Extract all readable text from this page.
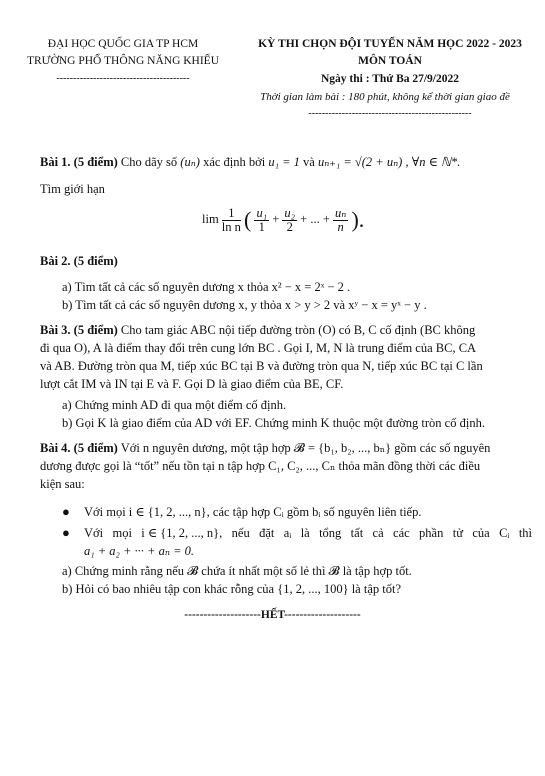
ĐẠI HỌC QUỐC GIA TP HCM
TRƯỜNG PHỔ THÔNG NĂNG KHIẾU
----------------------------------------
KỲ THI CHỌN ĐỘI TUYỂN NĂM HỌC 2022 - 2023
MÔN TOÁN
Ngày thi : Thứ Ba 27/9/2022
Thời gian làm bài : 180 phút, không kể thời gian giao đề
-------------------------------------------------
Bài 1. (5 điểm) Cho dãy số (uₙ) xác định bởi u₁ = 1 và uₙ₊₁ = √(2 + uₙ) , ∀n ∈ ℕ*.
Tìm giới hạn
$\lim \frac{1}{\text{ln n}}$ ( $\frac{\text{u₁}}{1} + \frac{\text{u₂}}{2}$ + ... + $\frac{\text{uₙ}}{n}$ ).
Bài 2. (5 điểm)
a) Tìm tất cả các số nguyên dương x thỏa x² − x = 2ˣ − 2 .
b) Tìm tất cả các số nguyên dương x, y thỏa x > y > 2 và xʸ − x = yˣ − y .
Bài 3. (5 điểm) Cho tam giác ABC nội tiếp đường tròn (O) có B, C cố định (BC không
đi qua O), A là điểm thay đổi trên cung lớn BC . Gọi I, M, N là trung điểm của BC, CA
và AB. Đường tròn qua M, tiếp xúc BC tại B và đường tròn qua N, tiếp xúc BC tại C lần
lượt cắt IM và IN tại E và F. Gọi D là giao điểm của BE, CF.
a) Chứng minh AD đi qua một điểm cố định.
b) Gọi K là giao điểm của AD với EF. Chứng minh K thuộc một đường tròn cố định.
Bài 4. (5 điểm) Với n nguyên dương, một tập hợp 𝓑 = {b₁, b₂, ..., bₙ} gồm các số nguyên
dương được gọi là “tốt” nếu tồn tại n tập hợp C₁, C₂, ..., Cₙ thỏa mãn đồng thời các điều
kiện sau:
● Với mọi i ∈ {1, 2, ..., n}, các tập hợp Cᵢ gồm bᵢ số nguyên liên tiếp.
● Với   mọi   i ∈ {1, 2, ..., n},   nếu   đặt   aᵢ   là   tổng   tất   cả   các   phần   tử   của   Cᵢ   thì
a₁ + a₂ + ··· + aₙ = 0.
a) Chứng minh rằng nếu 𝓑 chứa ít nhất một số lẻ thì 𝓑 là tập hợp tốt.
b) Hỏi có bao nhiêu tập con khác rỗng của {1, 2, ..., 100} là tập tốt?
--------------------HẾT--------------------
